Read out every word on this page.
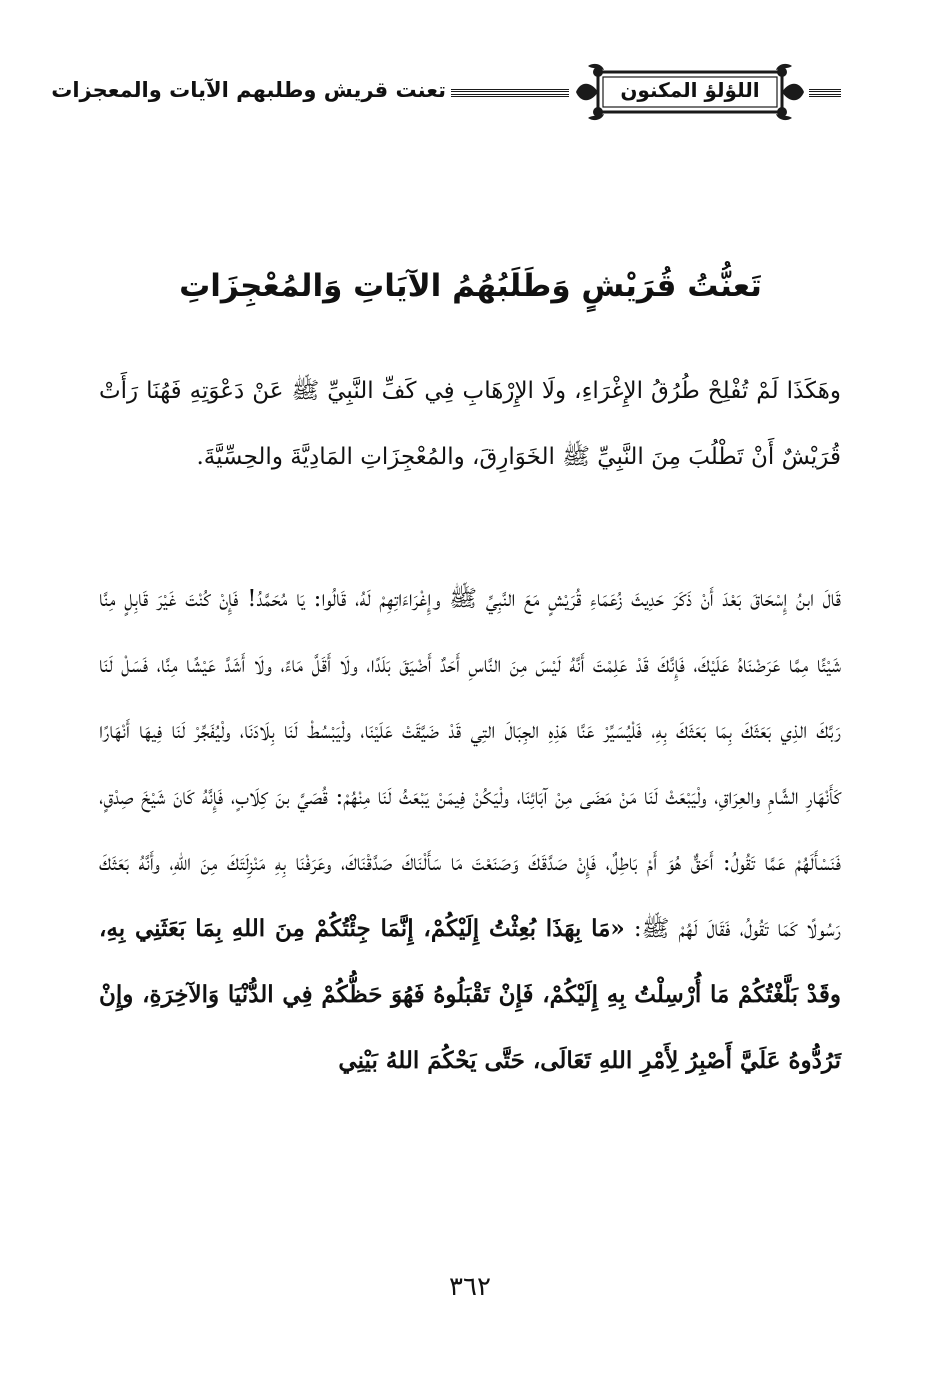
تعنت قريش وطلبهم الآيات والمعجزات	اللؤلؤ المكنون
تَعنُّتُ قُرَيْشٍ وَطَلَبُهُمُ الآيَاتِ وَالمُعْجِزَاتِ
وهَكَذَا لَمْ تُفْلِحْ طُرُقُ الإِغْرَاءِ، ولَا الإِرْهَابِ فِي كَفِّ النَّبِيِّ ﷺ عَنْ دَعْوَتِهِ فَهُنَا رَأَتْ قُرَيْشٌ أَنْ تَطْلُبَ مِنَ النَّبِيِّ ﷺ الخَوَارِقَ، والمُعْجِزَاتِ المَادِيَّةَ والحِسِّيَّةَ.
قَالَ ابنُ إِسْحَاقَ بَعْدَ أَنْ ذَكَرَ حَدِيثَ زُعَمَاءِ قُرَيْشٍ مَعَ النَّبِيِّ ﷺ وإِغْرَاءَاتِهِمْ لَهُ، قَالُوا: يَا مُحَمَّدُ! فَإِنْ كُنْتَ غَيْرَ قَابِلٍ مِنَّا شَيْئًا مِمَّا عَرَضْنَاهُ عَلَيْكَ، فَإِنَّكَ قَدْ عَلِمْتَ أَنَّهُ لَيْسَ مِنَ النَّاسِ أَحَدٌ أَضْيَقَ بَلَدًا، ولَا أَقَلَّ مَاءً، ولَا أَشَدَّ عَيْشًا مِنَّا، فَسَلْ لَنَا رَبَّكَ الذِي بَعَثَكَ بِمَا بَعَثَكَ بِهِ، فَلْيُسَيِّرْ عَنَّا هَذِهِ الجِبَالَ التِي قَدْ ضَيَّقَتْ عَلَيْنَا، ولْيَبْسُطْ لَنَا بِلَادَنَا، ولْيُفَجِّرْ لَنَا فِيهَا أَنْهَارًا كَأَنْهَارِ الشَّامِ والعِرَاقِ، ولْيَبْعَثْ لَنَا مَنْ مَضَى مِنْ آبَائِنَا، ولْيَكُنْ فِيمَنْ يَبْعَثُ لَنَا مِنْهُمْ: قُصَيَّ بنَ كِلَابٍ، فَإِنَّهُ كَانَ شَيْخَ صِدْقٍ، فَنَسْأَلَهُمْ عَمَّا تَقُولُ: أَحَقٌّ هُوَ أَمْ بَاطِلٌ، فَإِنْ صَدَّقَكَ وَصَنَعْتَ مَا سَأَلْنَاكَ صَدَّقْنَاكَ، وعَرَفْنَا بِهِ مَنْزِلَتَكَ مِنَ اللهِ، وأَنَّهُ بَعَثَكَ رَسُولًا كَمَا تَقُولُ، فَقَالَ لَهُمْ ﷺ: «مَا بِهَذَا بُعِثْتُ إِلَيْكُمْ، إِنَّمَا جِئْتُكُمْ مِنَ اللهِ بِمَا بَعَثَنِي بِهِ، وقَدْ بَلَّغْتُكُمْ مَا أُرْسِلْتُ بِهِ إِلَيْكُمْ، فَإِنْ تَقْبَلُوهُ فَهُوَ حَظُّكُمْ فِي الدُّنْيَا وَالآخِرَةِ، وإِنْ تَرُدُّوهُ عَلَيَّ أَصْبِرُ لِأَمْرِ اللهِ تَعَالَى، حَتَّى يَحْكُمَ اللهُ بَيْنِي
٣٦٢
